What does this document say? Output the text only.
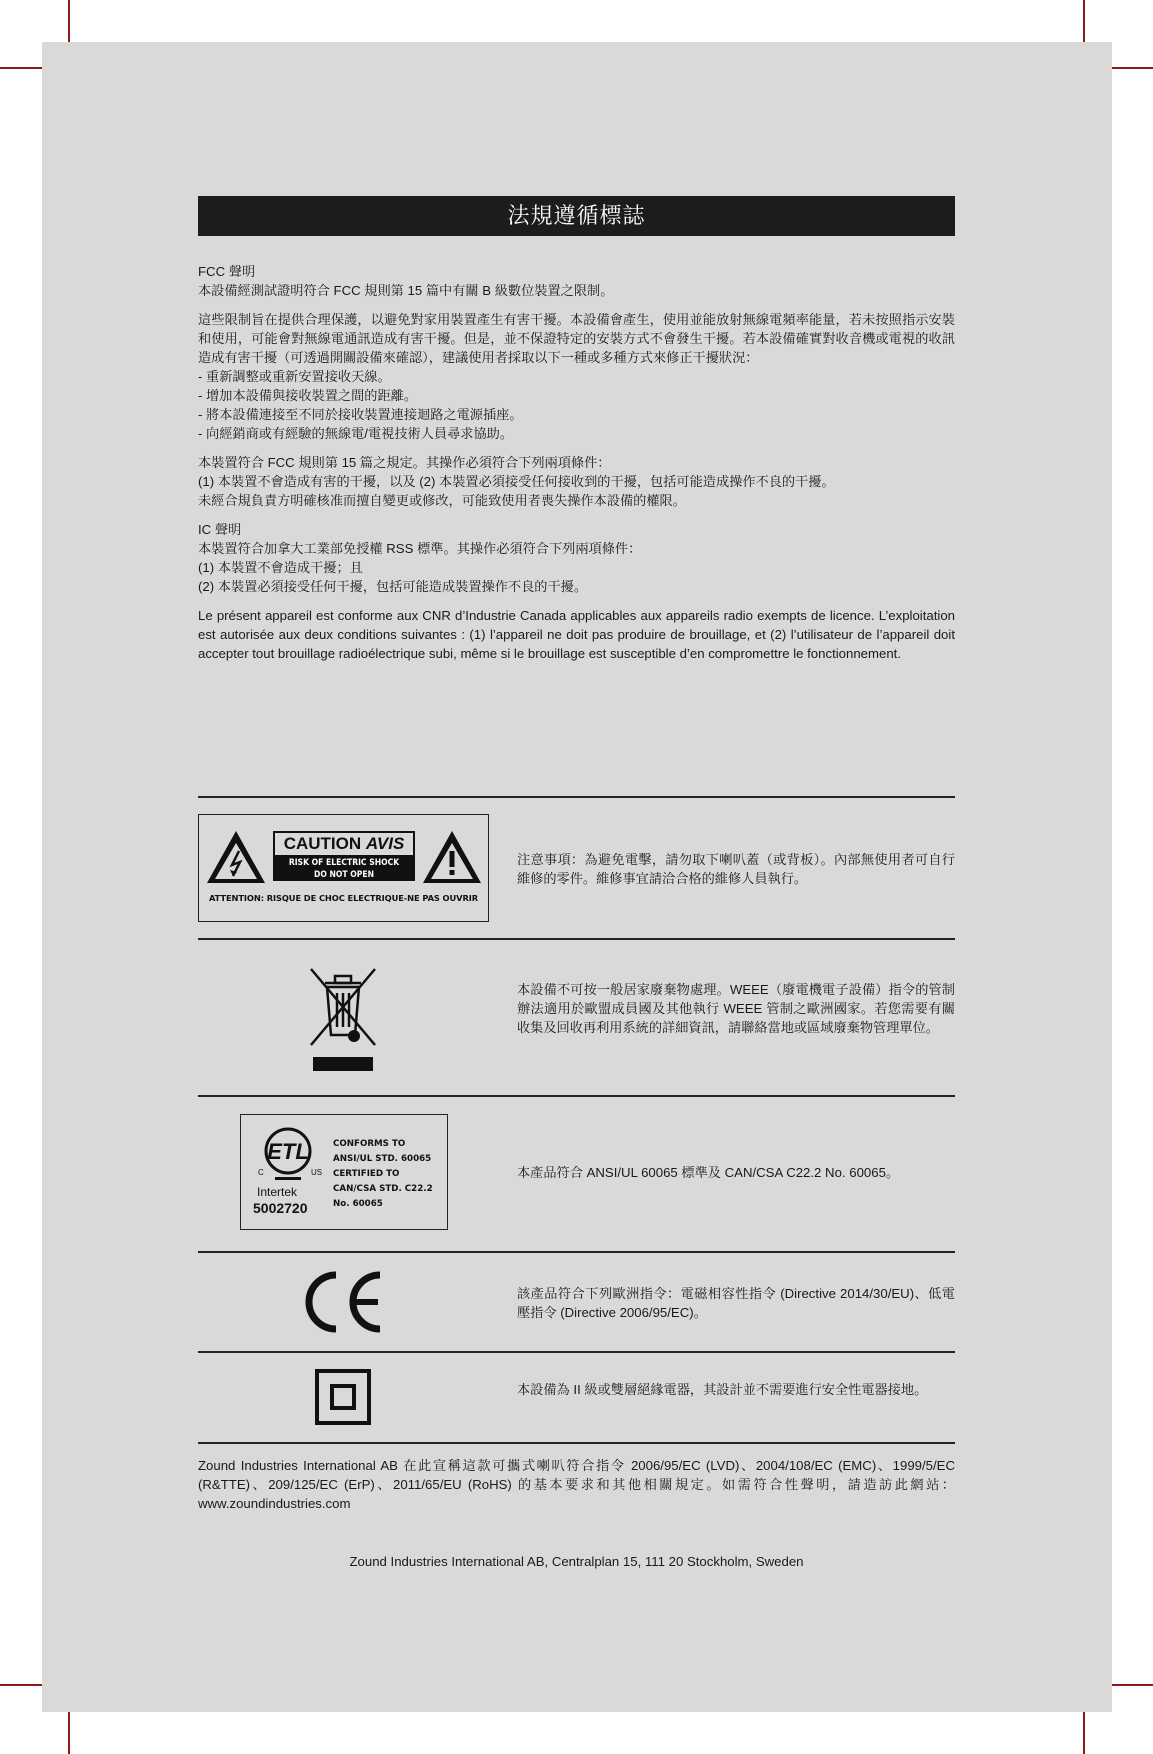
法規遵循標誌

FCC 聲明

本設備經測試證明符合 FCC 規則第 15 篇中有關 B 級數位裝置之限制。

這些限制旨在提供合理保護，以避免對家用裝置產生有害干擾。本設備會產生，使用並能放射無線電頻率能量，若未按照指示安裝和使用，可能會對無線電通訊造成有害干擾。但是，並不保證特定的安裝方式不會發生干擾。若本設備確實對收音機或電視的收訊造成有害干擾（可透過開關設備來確認），建議使用者採取以下一種或多種方式來修正干擾狀況：

- 重新調整或重新安置接收天線。

- 增加本設備與接收裝置之間的距離。

- 將本設備連接至不同於接收裝置連接迴路之電源插座。

- 向經銷商或有經驗的無線電/電視技術人員尋求協助。

本裝置符合 FCC 規則第 15 篇之規定。其操作必須符合下列兩項條件：

(1) 本裝置不會造成有害的干擾，以及 (2) 本裝置必須接受任何接收到的干擾，包括可能造成操作不良的干擾。

未經合規負責方明確核准而擅自變更或修改，可能致使用者喪失操作本設備的權限。

IC 聲明

本裝置符合加拿大工業部免授權 RSS 標準。其操作必須符合下列兩項條件：

(1) 本裝置不會造成干擾；且

(2) 本裝置必須接受任何干擾，包括可能造成裝置操作不良的干擾。

Le présent appareil est conforme aux CNR d’Industrie Canada applicables aux appareils radio exempts de licence. L’exploitation est autorisée aux deux conditions suivantes : (1) l’appareil ne doit pas produire de brouillage, et (2) l’utilisateur de l’appareil doit accepter tout brouillage radioélectrique subi, même si le brouillage est susceptible d’en compromettre le fonctionnement.

CAUTION AVIS
RISK OF ELECTRIC SHOCK
DO NOT OPEN
ATTENTION: RISQUE DE CHOC ELECTRIQUE-NE PAS OUVRIR
注意事項：為避免電擊，請勿取下喇叭蓋（或背板）。內部無使用者可自行維修的零件。維修事宜請洽合格的維修人員執行。
本設備不可按一般居家廢棄物處理。WEEE（廢電機電子設備）指令的管制辦法適用於歐盟成員國及其他執行 WEEE 管制之歐洲國家。若您需要有關收集及回收再利用系統的詳細資訊，請聯絡當地或區域廢棄物管理單位。
ETL
C	US
Intertek
5002720
CONFORMS TO
ANSI/UL STD. 60065
CERTIFIED TO
CAN/CSA STD. C22.2
No. 60065
本產品符合 ANSI/UL 60065 標準及 CAN/CSA C22.2 No. 60065。
該產品符合下列歐洲指令：電磁相容性指令 (Directive 2014/30/EU)、低電壓指令 (Directive 2006/95/EC)。
本設備為 II 級或雙層絕緣電器，其設計並不需要進行安全性電器接地。
Zound Industries International AB 在此宣稱這款可攜式喇叭符合指令 2006/95/EC (LVD)、2004/108/EC (EMC)、1999/5/EC (R&TTE)、209/125/EC (ErP)、2011/65/EU (RoHS) 的基本要求和其他相關規定。如需符合性聲明，請造訪此網站：www.zoundindustries.com
Zound Industries International AB, Centralplan 15, 111 20 Stockholm, Sweden
